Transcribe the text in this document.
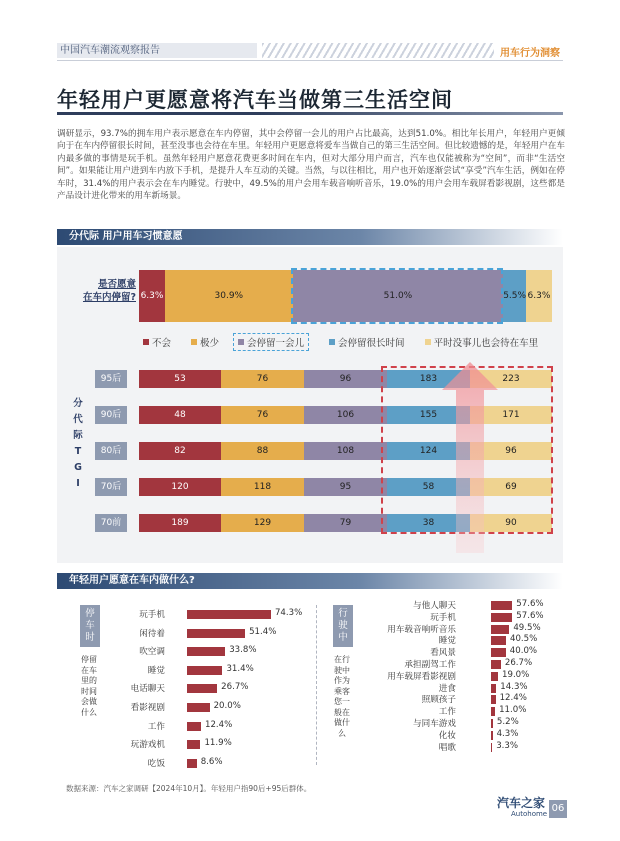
中国汽车潮流观察报告	用车行为洞察
年轻用户更愿意将汽车当做第三生活空间
调研显示，93.7%的拥车用户表示愿意在车内停留，其中会停留一会儿的用户占比最高，达到51.0%。相比年长用户，年轻用户更倾向于在车内停留很长时间，甚至没事也会待在车里。年轻用户更愿意将爱车当做自己的第三生活空间。但比较遗憾的是，年轻用户在车内最多做的事情是玩手机。虽然年轻用户愿意花费更多时间在车内，但对大部分用户而言，汽车也仅能被称为“空间”，而非“生活空间”。如果能让用户进到车内放下手机，是提升人车互动的关键。当然，与以往相比，用户也开始逐渐尝试“享受”汽车生活，例如在停车时，31.4%的用户表示会在车内睡觉。行驶中，49.5%的用户会用车载音响听音乐，19.0%的用户会用车载屏看影视剧，这些都是产品设计进化带来的用车新场景。
分代际 用户用车习惯意愿
是否愿意
在车内停留? 6.3%	30.9%	51.0%	5.5% 6.3%
不会	极少	会停留一会儿	会停留很长时间	平时没事儿也会待在车里
分
代
际
T
G
I
95后	53	76	96	183	223
90后	48	76	106	155	171
80后	82	88	108	124	96
70后	120	118	95	58	69
70前	189	129	79	38	90
年轻用户愿意在车内做什么?
停
车
时
停留
在车
里的
时间
会做
什么
玩手机	74.3%
闲待着	51.4%
吹空调	33.8%
睡觉	31.4%
电话聊天	26.7%
看影视剧	20.0%
工作	12.4%
玩游戏机	11.9%
吃饭	8.6%
行
驶
中
在行
驶中
作为
乘客
您一
般在
做什
么
与他人聊天	57.6%
玩手机	57.6%
用车载音响听音乐	49.5%
睡觉	40.5%
看风景	40.0%
承担副驾工作	26.7%
用车载屏看影视剧	19.0%
进食	14.3%
照顾孩子	12.4%
工作	11.0%
与同车游戏	5.2%
化妆	4.3%
唱歌	3.3%
数据来源：汽车之家调研【2024年10月】。年轻用户指90后+95后群体。
汽车之家
Autohome 06
